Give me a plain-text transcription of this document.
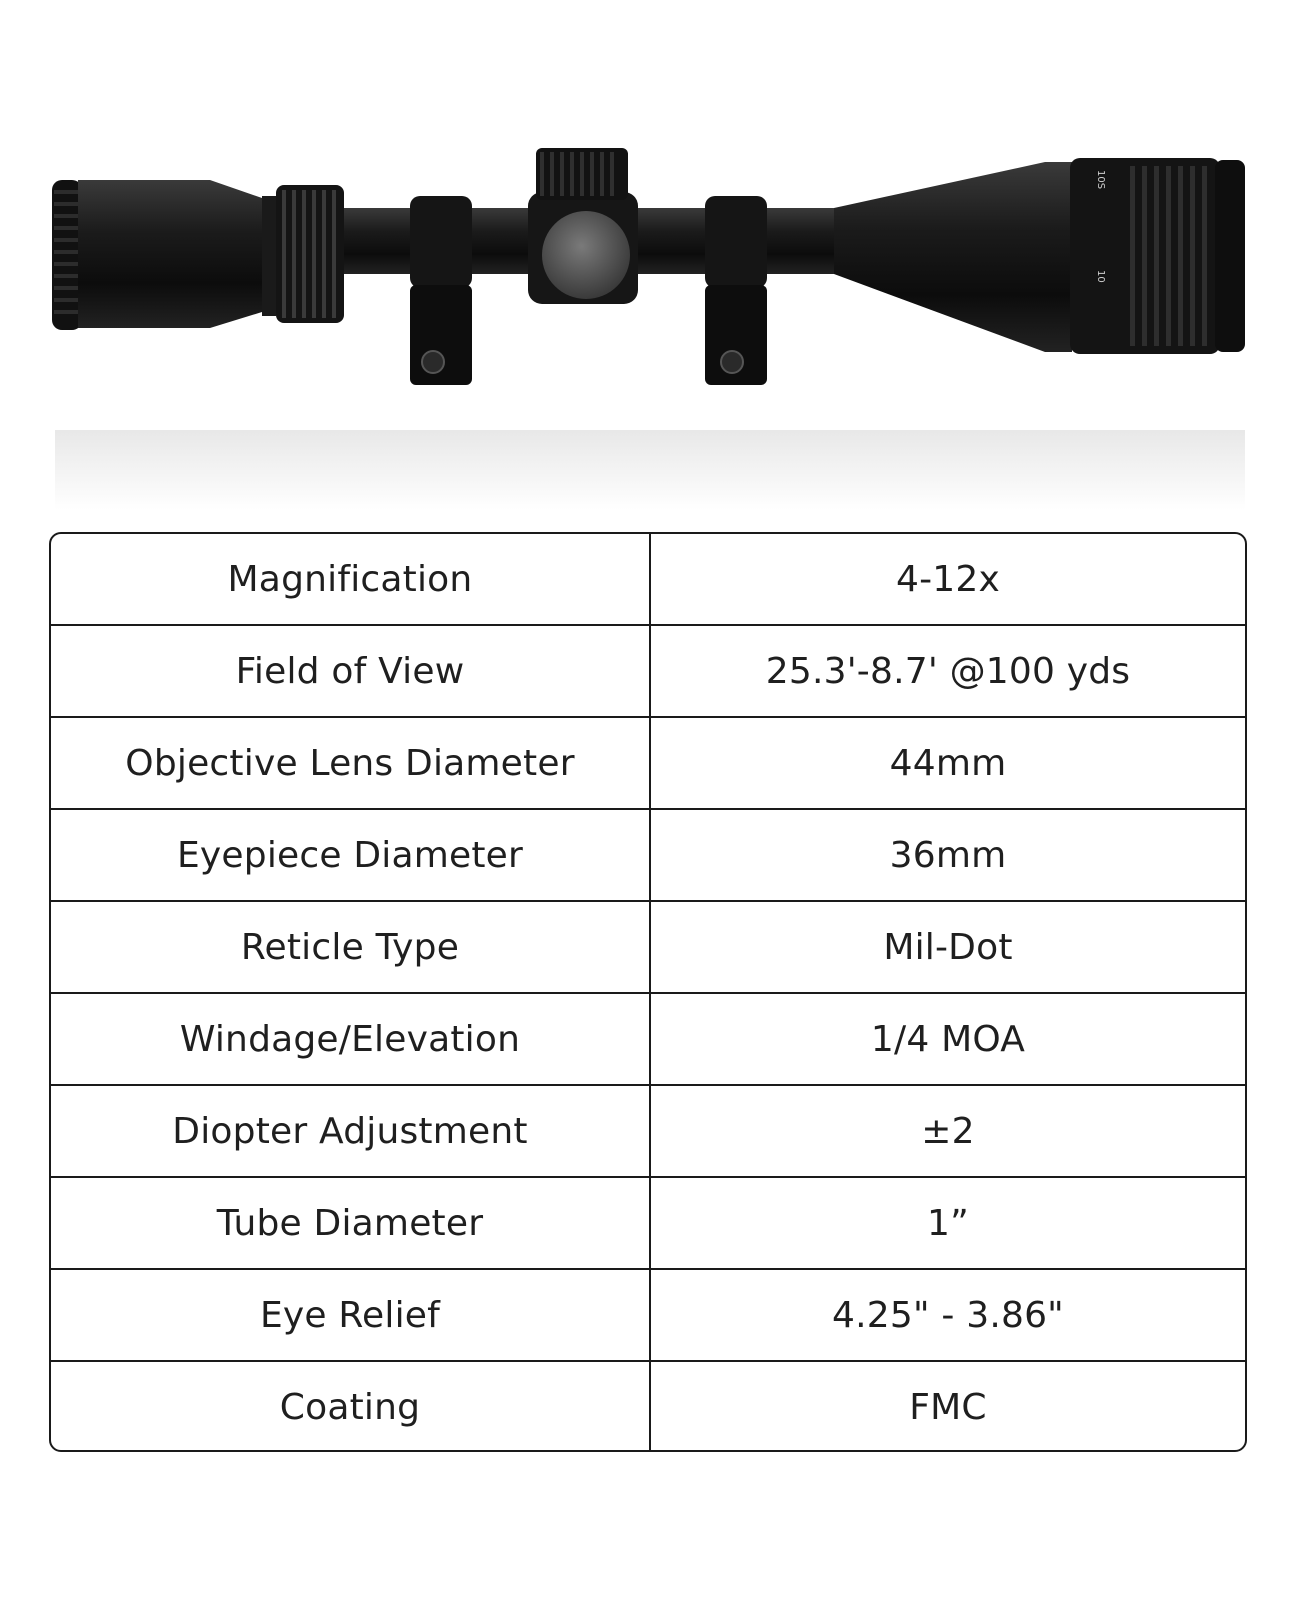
10S
10
Magnification	4-12x
Field of View	25.3'-8.7' @100 yds
Objective Lens Diameter	44mm
Eyepiece Diameter	36mm
Reticle Type	Mil-Dot
Windage/Elevation	1/4 MOA
Diopter Adjustment	±2
Tube Diameter	1”
Eye Relief	4.25" - 3.86"
Coating	FMC
